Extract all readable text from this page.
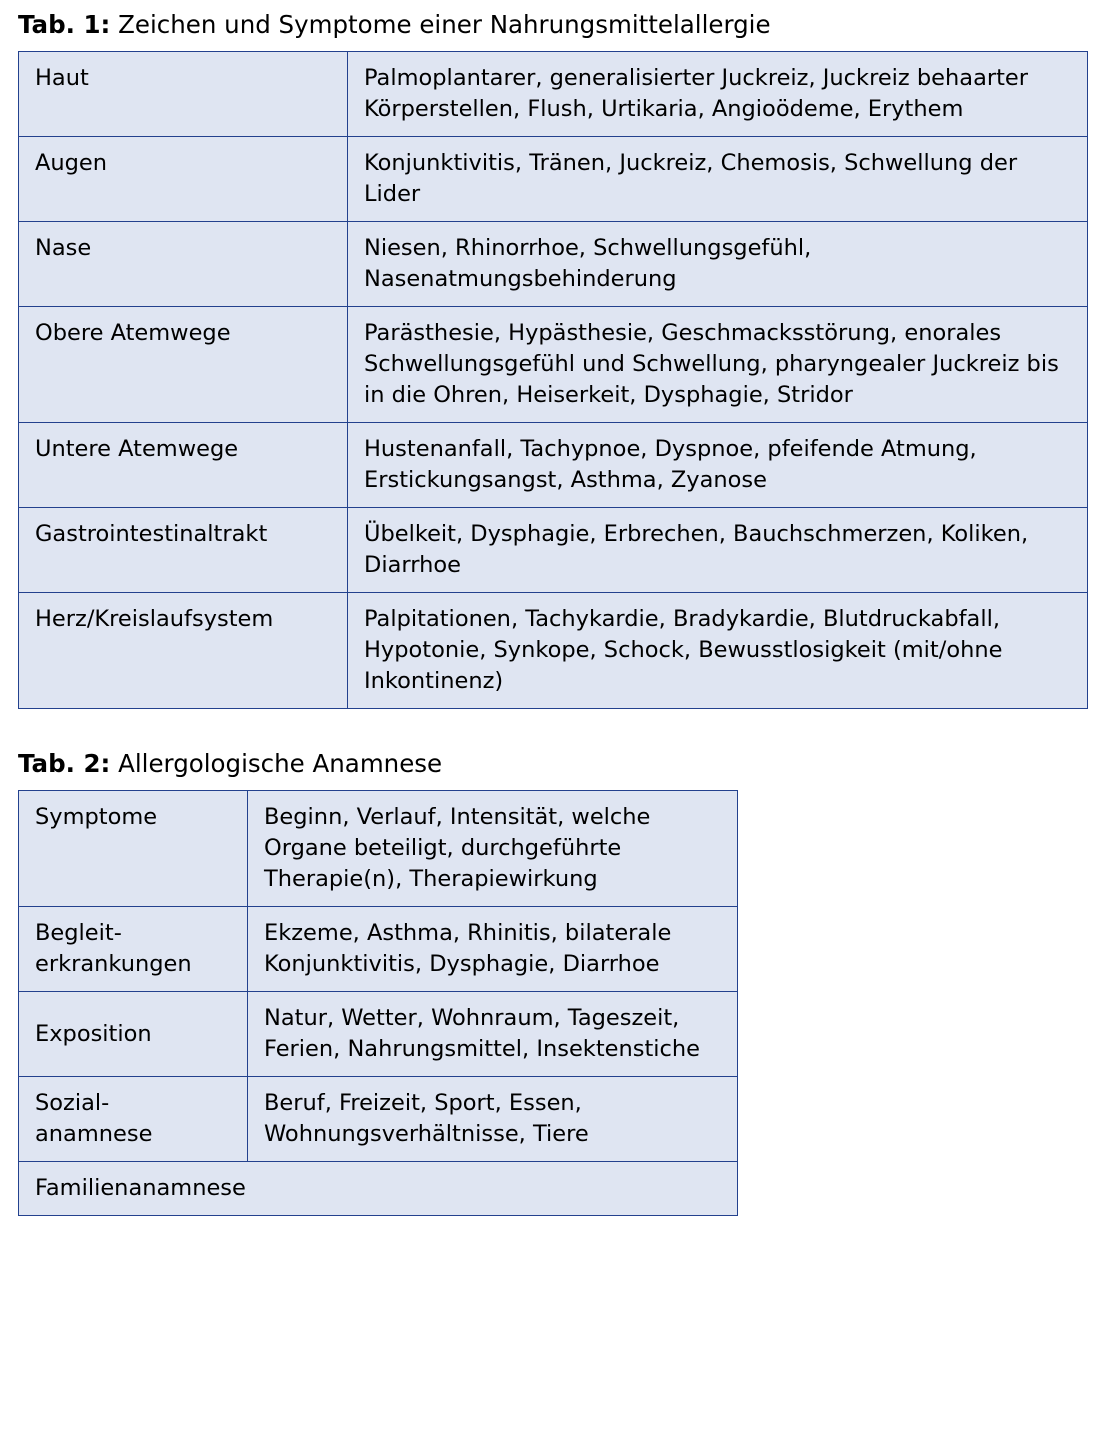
Tab. 1: Zeichen und Symptome einer Nahrungsmittelallergie
Haut	Palmoplantarer, generalisierter Juckreiz, Juckreiz behaarter Körperstellen, Flush, Urtikaria, Angioödeme, Erythem
Augen	Konjunktivitis, Tränen, Juckreiz, Chemosis, Schwellung der Lider
Nase	Niesen, Rhinorrhoe, Schwellungsgefühl, Nasenatmungsbehinderung
Obere Atemwege	Parästhesie, Hypästhesie, Geschmacksstörung, enorales Schwellungsgefühl und Schwellung, pharyngealer Juckreiz bis in die Ohren, Heiserkeit, Dysphagie, Stridor
Untere Atemwege	Hustenanfall, Tachypnoe, Dyspnoe, pfeifende Atmung, Erstickungsangst, Asthma, Zyanose
Gastrointestinaltrakt	Übelkeit, Dysphagie, Erbrechen, Bauchschmerzen, Koliken, Diarrhoe
Herz/Kreislaufsystem	Palpitationen, Tachykardie, Bradykardie, Blutdruckabfall, Hypotonie, Synkope, Schock, Bewusstlosigkeit (mit/ohne Inkontinenz)
Tab. 2: Allergologische Anamnese
Symptome	Beginn, Verlauf, Intensität, welche Organe beteiligt, durchgeführte Therapie(n), Therapiewirkung
Begleit-
erkrankungen	Ekzeme, Asthma, Rhinitis, bilaterale Konjunktivitis, Dysphagie, Diarrhoe
Exposition	Natur, Wetter, Wohnraum, Tageszeit, Ferien, Nahrungsmittel, Insektenstiche
Sozial-
anamnese	Beruf, Freizeit, Sport, Essen, Wohnungsverhältnisse, Tiere
Familienanamnese	
